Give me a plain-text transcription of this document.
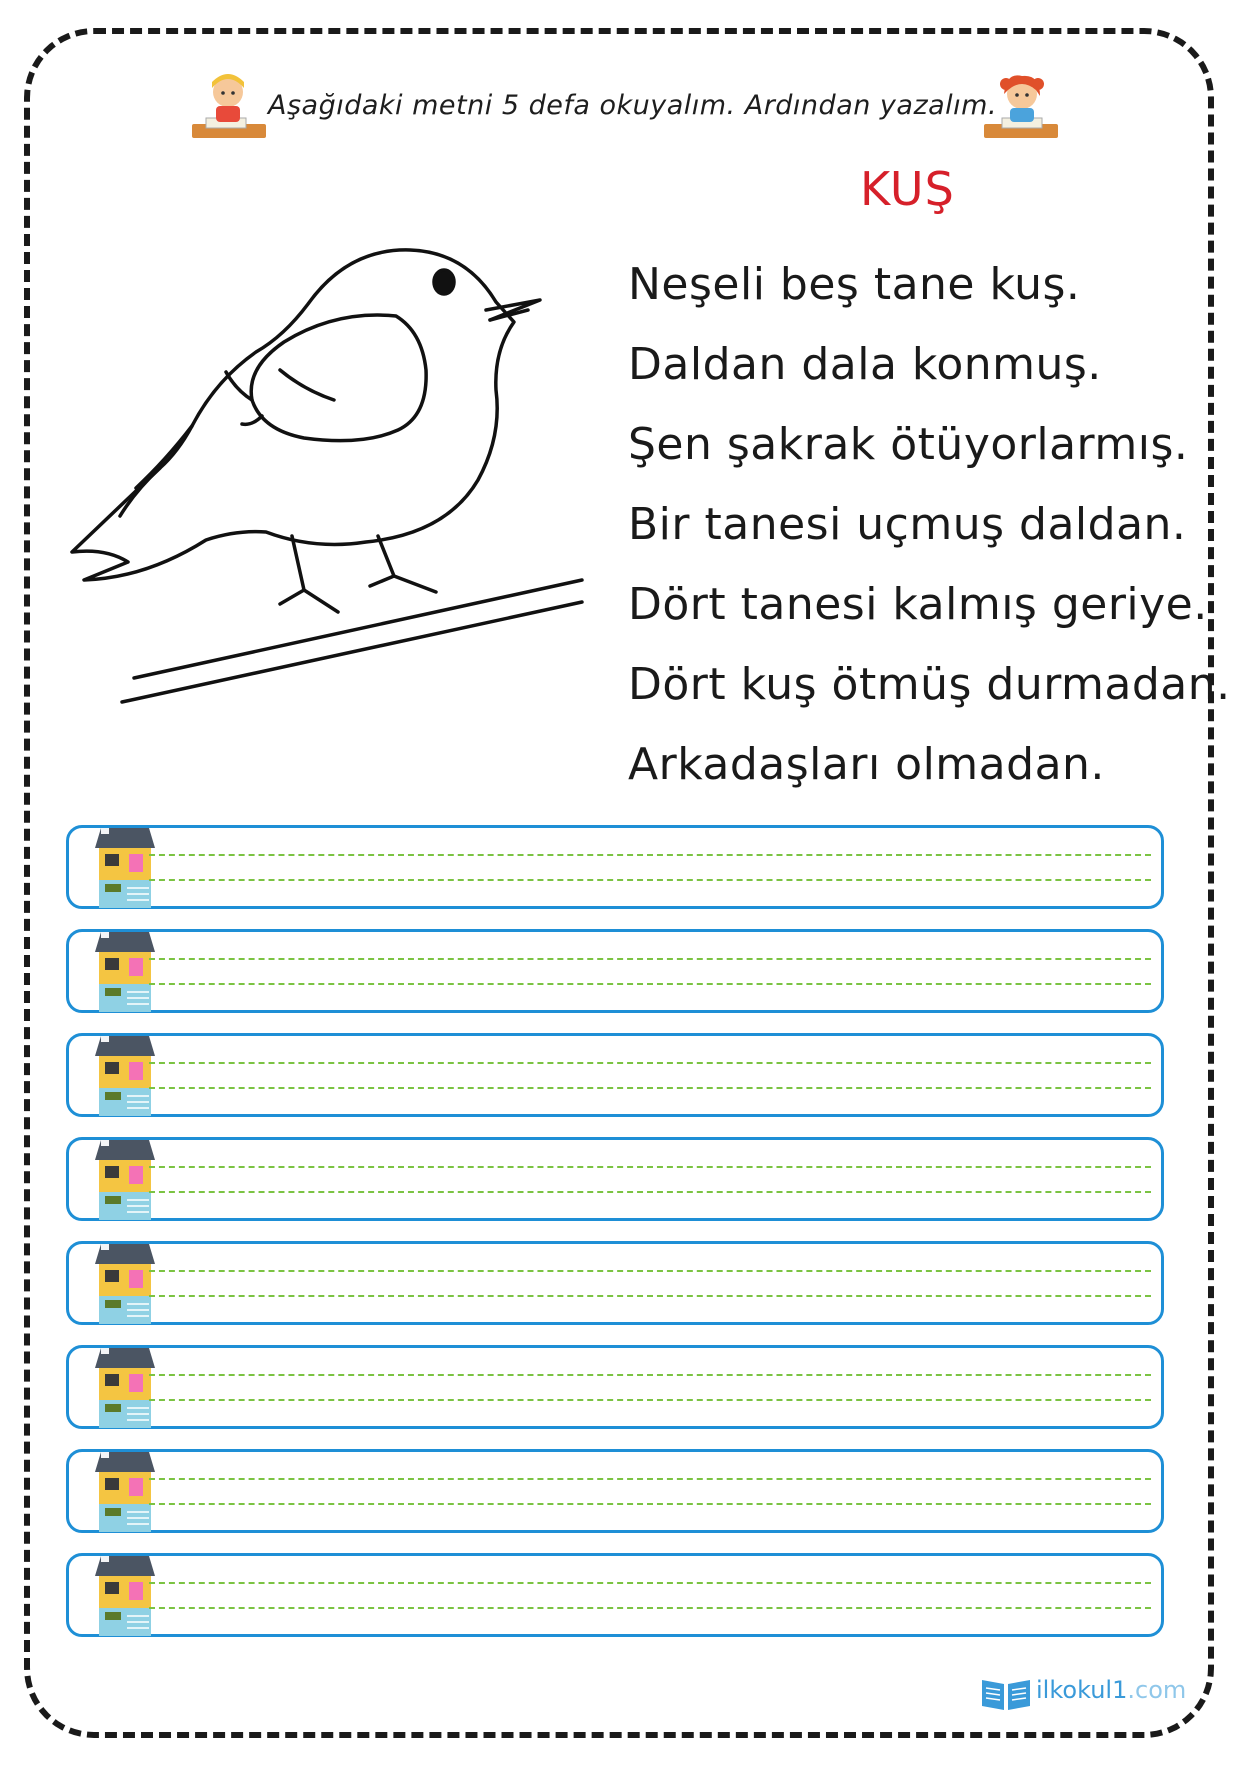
Aşağıdaki metni 5 defa okuyalım. Ardından yazalım.
KUŞ
Neşeli beş tane kuş.
Daldan dala konmuş.
Şen şakrak ötüyorlarmış.
Bir tanesi uçmuş daldan.
Dört tanesi kalmış geriye.
Dört kuş ötmüş durmadan.
Arkadaşları olmadan.
ilkokul1.com
